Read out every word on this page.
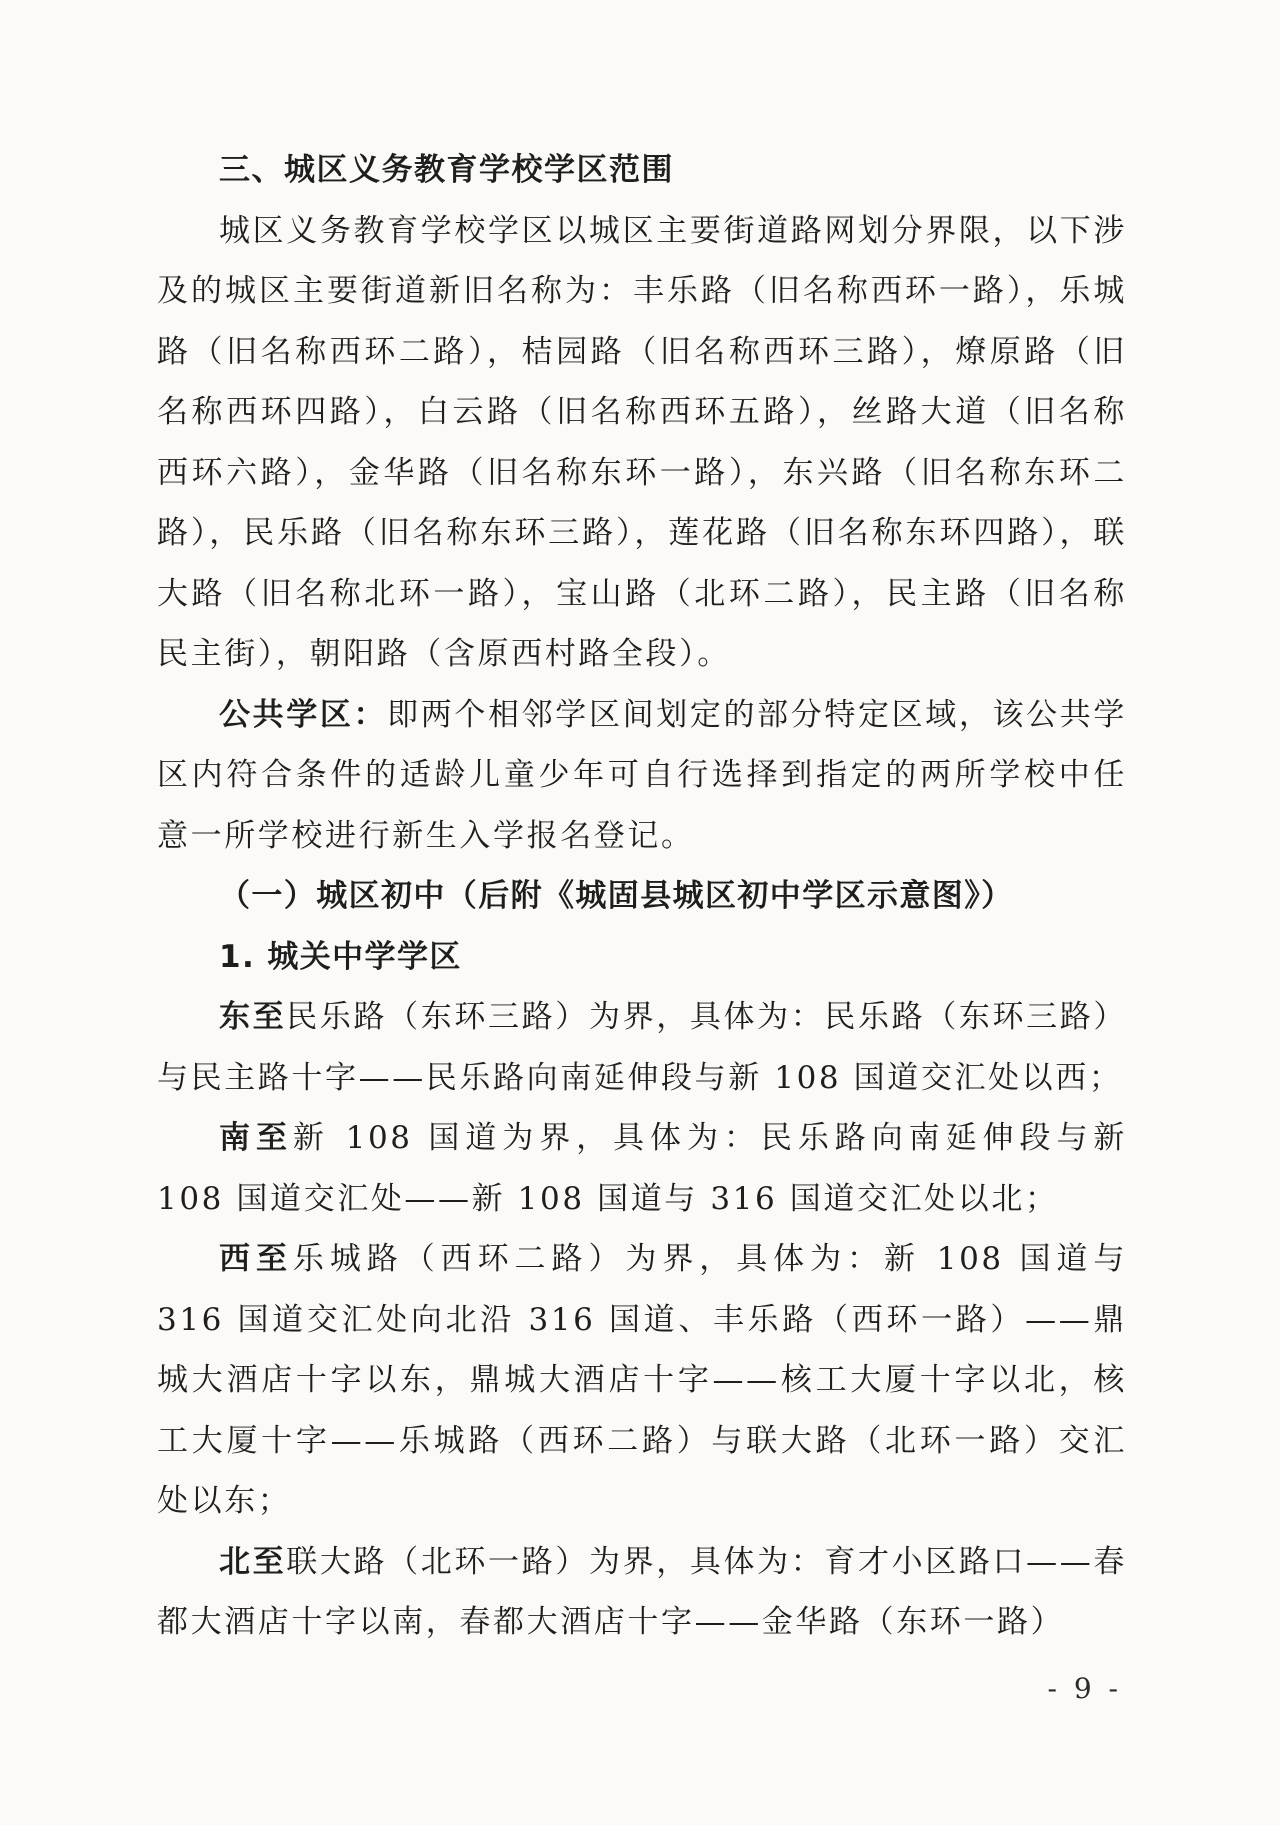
三、城区义务教育学校学区范围

城区义务教育学校学区以城区主要街道路网划分界限，以下涉及的城区主要街道新旧名称为：丰乐路（旧名称西环一路），乐城路（旧名称西环二路），桔园路（旧名称西环三路），燎原路（旧名称西环四路），白云路（旧名称西环五路），丝路大道（旧名称西环六路），金华路（旧名称东环一路），东兴路（旧名称东环二路），民乐路（旧名称东环三路），莲花路（旧名称东环四路），联大路（旧名称北环一路），宝山路（北环二路），民主路（旧名称民主街），朝阳路（含原西村路全段）。

公共学区：即两个相邻学区间划定的部分特定区域，该公共学区内符合条件的适龄儿童少年可自行选择到指定的两所学校中任意一所学校进行新生入学报名登记。

（一）城区初中（后附《城固县城区初中学区示意图》）

1. 城关中学学区

东至民乐路（东环三路）为界，具体为：民乐路（东环三路）与民主路十字——民乐路向南延伸段与新 108 国道交汇处以西；

南至新 108 国道为界，具体为：民乐路向南延伸段与新 108 国道交汇处——新 108 国道与 316 国道交汇处以北；

西至乐城路（西环二路）为界，具体为：新 108 国道与 316 国道交汇处向北沿 316 国道、丰乐路（西环一路）——鼎城大酒店十字以东，鼎城大酒店十字——核工大厦十字以北，核工大厦十字——乐城路（西环二路）与联大路（北环一路）交汇处以东；

北至联大路（北环一路）为界，具体为：育才小区路口——春都大酒店十字以南，春都大酒店十字——金华路（东环一路）

- 9 -
